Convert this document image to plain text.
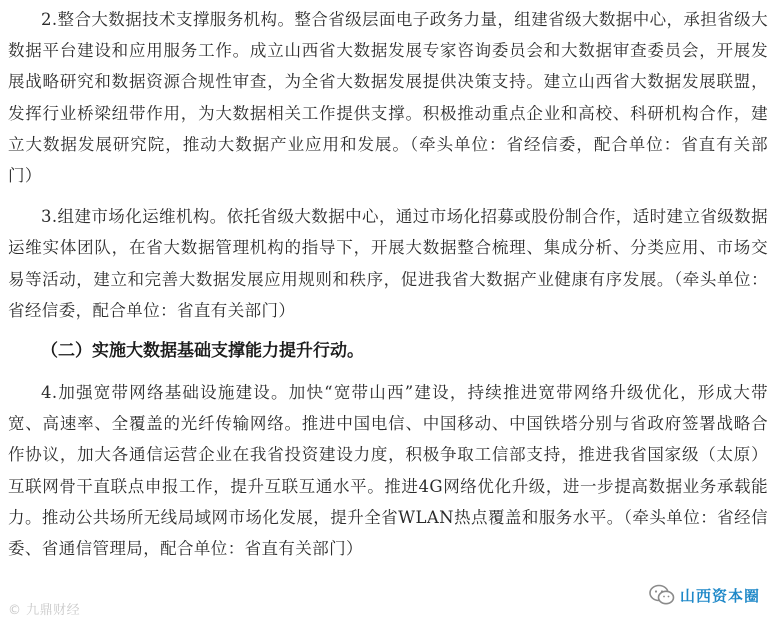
2.整合大数据技术支撑服务机构。整合省级层面电子政务力量，组建省级大数据中心，承担省级大数据平台建设和应用服务工作。成立山西省大数据发展专家咨询委员会和大数据审查委员会，开展发展战略研究和数据资源合规性审查，为全省大数据发展提供决策支持。建立山西省大数据发展联盟，发挥行业桥梁纽带作用，为大数据相关工作提供支撑。积极推动重点企业和高校、科研机构合作，建立大数据发展研究院，推动大数据产业应用和发展。（牵头单位：省经信委，配合单位：省直有关部门）

3.组建市场化运维机构。依托省级大数据中心，通过市场化招募或股份制合作，适时建立省级数据运维实体团队，在省大数据管理机构的指导下，开展大数据整合梳理、集成分析、分类应用、市场交易等活动，建立和完善大数据发展应用规则和秩序，促进我省大数据产业健康有序发展。（牵头单位：省经信委，配合单位：省直有关部门）

（二）实施大数据基础支撑能力提升行动。

4.加强宽带网络基础设施建设。加快“宽带山西”建设，持续推进宽带网络升级优化，形成大带宽、高速率、全覆盖的光纤传输网络。推进中国电信、中国移动、中国铁塔分别与省政府签署战略合作协议，加大各通信运营企业在我省投资建设力度，积极争取工信部支持，推进我省国家级（太原）互联网骨干直联点申报工作，提升互联互通水平。推进4G网络优化升级，进一步提高数据业务承载能力。推动公共场所无线局域网市场化发展，提升全省WLAN热点覆盖和服务水平。（牵头单位：省经信委、省通信管理局，配合单位：省直有关部门）

© 九鼎财经
山西资本圈
